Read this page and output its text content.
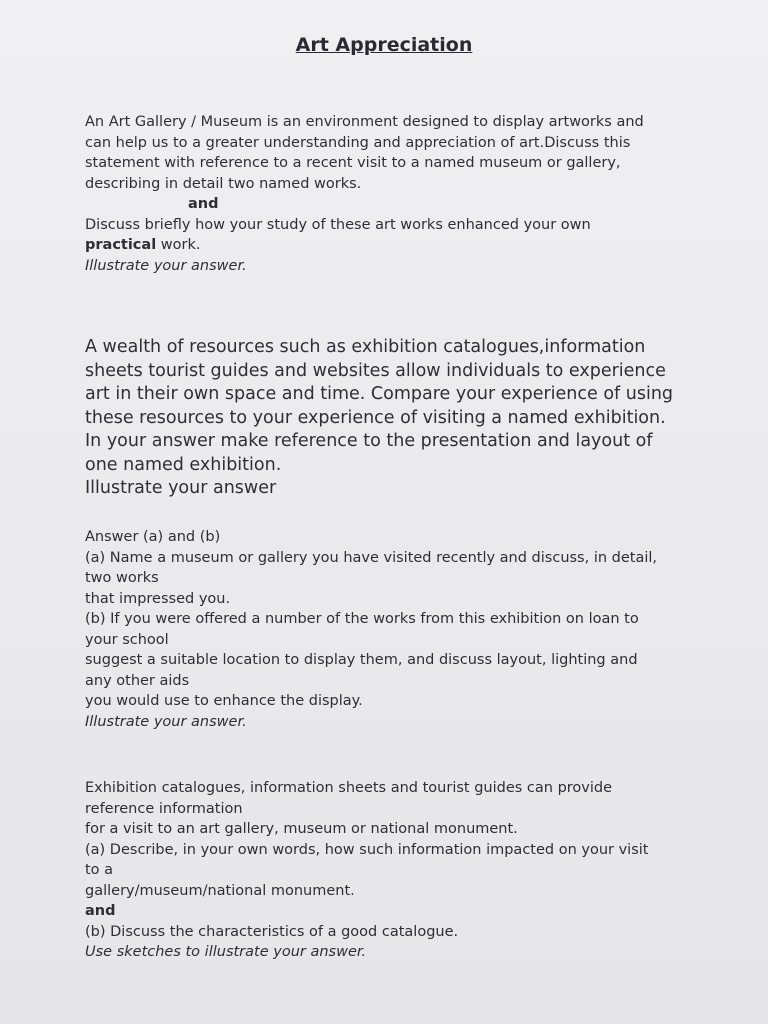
Art Appreciation
An Art Gallery / Museum is an environment designed to display artworks and
can help us to a greater understanding and appreciation of art.Discuss this
statement with reference to a recent visit to a named museum or gallery,
describing in detail two named works.
and
Discuss briefly how your study of these art works enhanced your own
practical work.
Illustrate your answer.
A wealth of resources such as exhibition catalogues,information
sheets tourist guides and websites allow individuals to experience
art in their own space and time. Compare your experience of using
these resources to your experience of visiting a named exhibition.
In your answer make reference to the presentation and layout of
one named exhibition.
Illustrate your answer
Answer (a) and (b)
(a) Name a museum or gallery you have visited recently and discuss, in detail,
two works
that impressed you.
(b) If you were offered a number of the works from this exhibition on loan to
your school
suggest a suitable location to display them, and discuss layout, lighting and
any other aids
you would use to enhance the display.
Illustrate your answer.
Exhibition catalogues, information sheets and tourist guides can provide
reference information
for a visit to an art gallery, museum or national monument.
(a) Describe, in your own words, how such information impacted on your visit
to a
gallery/museum/national monument.
and
(b) Discuss the characteristics of a good catalogue.
Use sketches to illustrate your answer.
